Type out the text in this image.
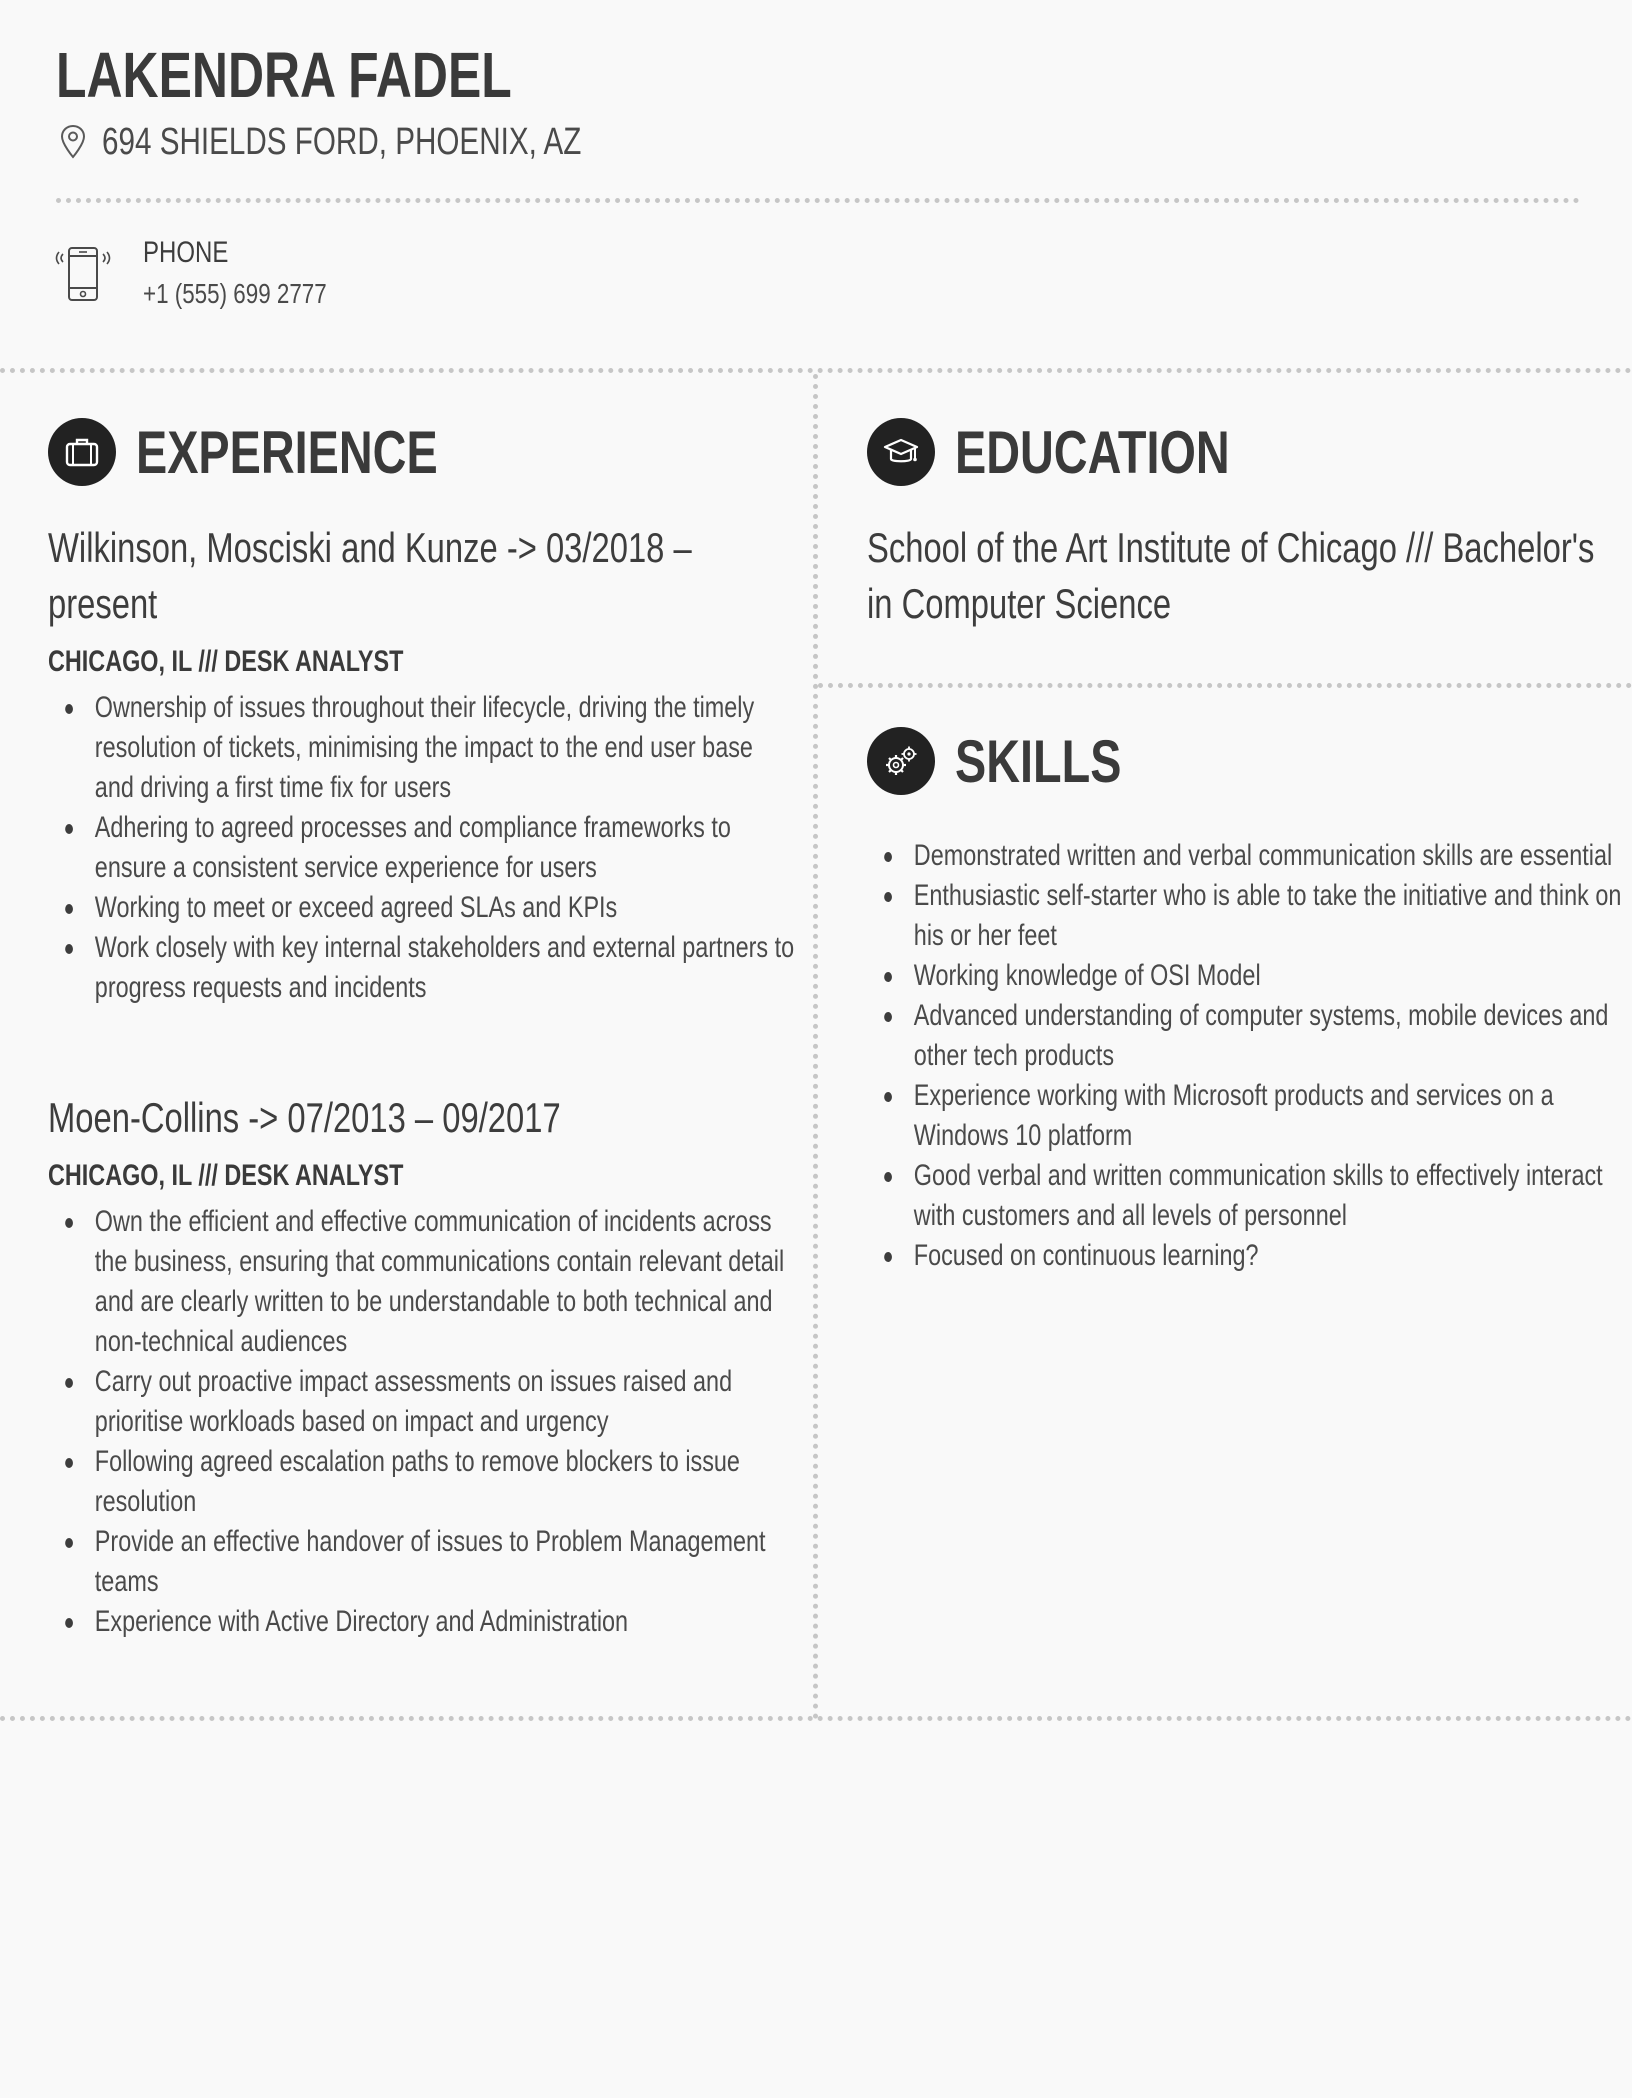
LAKENDRA FADEL
694 SHIELDS FORD, PHOENIX, AZ
PHONE
+1 (555) 699 2777
EXPERIENCE
Wilkinson, Mosciski and Kunze -> 03/2018 – present
CHICAGO, IL /// DESK ANALYST
Ownership of issues throughout their lifecycle, driving the timely resolution of tickets, minimising the impact to the end user base and driving a first time fix for users
Adhering to agreed processes and compliance frameworks to ensure a consistent service experience for users
Working to meet or exceed agreed SLAs and KPIs
Work closely with key internal stakeholders and external partners to progress requests and incidents
Moen-Collins -> 07/2013 – 09/2017
CHICAGO, IL /// DESK ANALYST
Own the efficient and effective communication of incidents across the business, ensuring that communications contain relevant detail and are clearly written to be understandable to both technical and non-technical audiences
Carry out proactive impact assessments on issues raised and prioritise workloads based on impact and urgency
Following agreed escalation paths to remove blockers to issue resolution
Provide an effective handover of issues to Problem Management teams
Experience with Active Directory and Administration
EDUCATION
School of the Art Institute of Chicago /// Bachelor's in Computer Science
SKILLS
Demonstrated written and verbal communication skills are essential
Enthusiastic self-starter who is able to take the initiative and think on his or her feet
Working knowledge of OSI Model
Advanced understanding of computer systems, mobile devices and other tech products
Experience working with Microsoft products and services on a Windows 10 platform
Good verbal and written communication skills to effectively interact with customers and all levels of personnel
Focused on continuous learning?
